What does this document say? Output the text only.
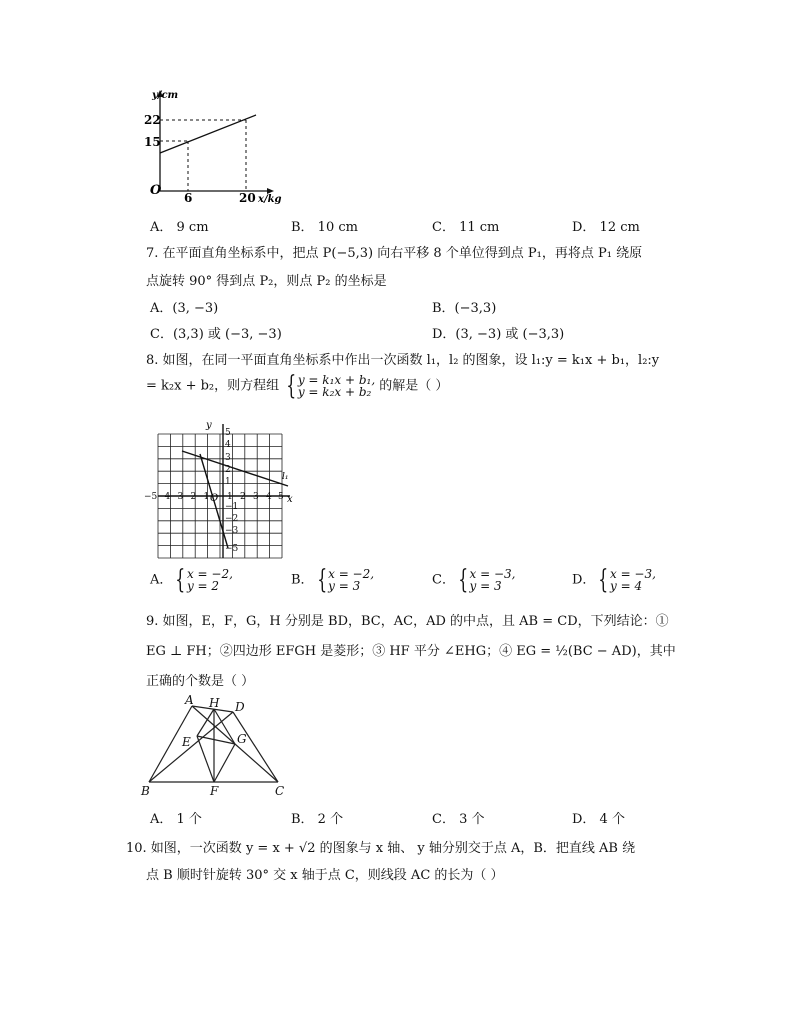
y/cm
22
15
O 6	20 x/kg
A． 9 cm	B． 10 cm	C． 11 cm	D． 12 cm
7. 在平面直角坐标系中，把点 P(−5,3) 向右平移 8 个单位得到点 P₁，再将点 P₁ 绕原
点旋转 90° 得到点 P₂，则点 P₂ 的坐标是
A．(3, −3)	B．(−3,3)
C．(3,3) 或 (−3, −3)	D．(3, −3) 或 (−3,3)
8. 如图，在同一平面直角坐标系中作出一次函数 l₁，l₂ 的图象，设 l₁:y = k₁x + b₁，l₂:y
= k₂x + b₂，则方程组 {y = k₁x + b₁,
y = k₂x + b₂ 的解是（ ）
y
x
O
l₁
−5 −4 −3 −2 −1 1 2 3 4 5
5
4
3
2
1
−1
−2
−3
−5
A． {x = −2,
y = 2	B． {x = −2,
y = 3	C． {x = −3,
y = 3	D． {x = −3,
y = 4
9. 如图，E，F，G，H 分别是 BD，BC，AC，AD 的中点，且 AB = CD，下列结论：①
EG ⊥ FH；②四边形 EFGH 是菱形；③ HF 平分 ∠EHG；④ EG = ½(BC − AD)，其中
正确的个数是（ ）
A H D
E	G
B	F	C
A． 1 个	B． 2 个	C． 3 个	D． 4 个
10. 如图，一次函数 y = x + √2 的图象与 x 轴、 y 轴分别交于点 A，B．把直线 AB 绕
点 B 顺时针旋转 30° 交 x 轴于点 C，则线段 AC 的长为（ ）
